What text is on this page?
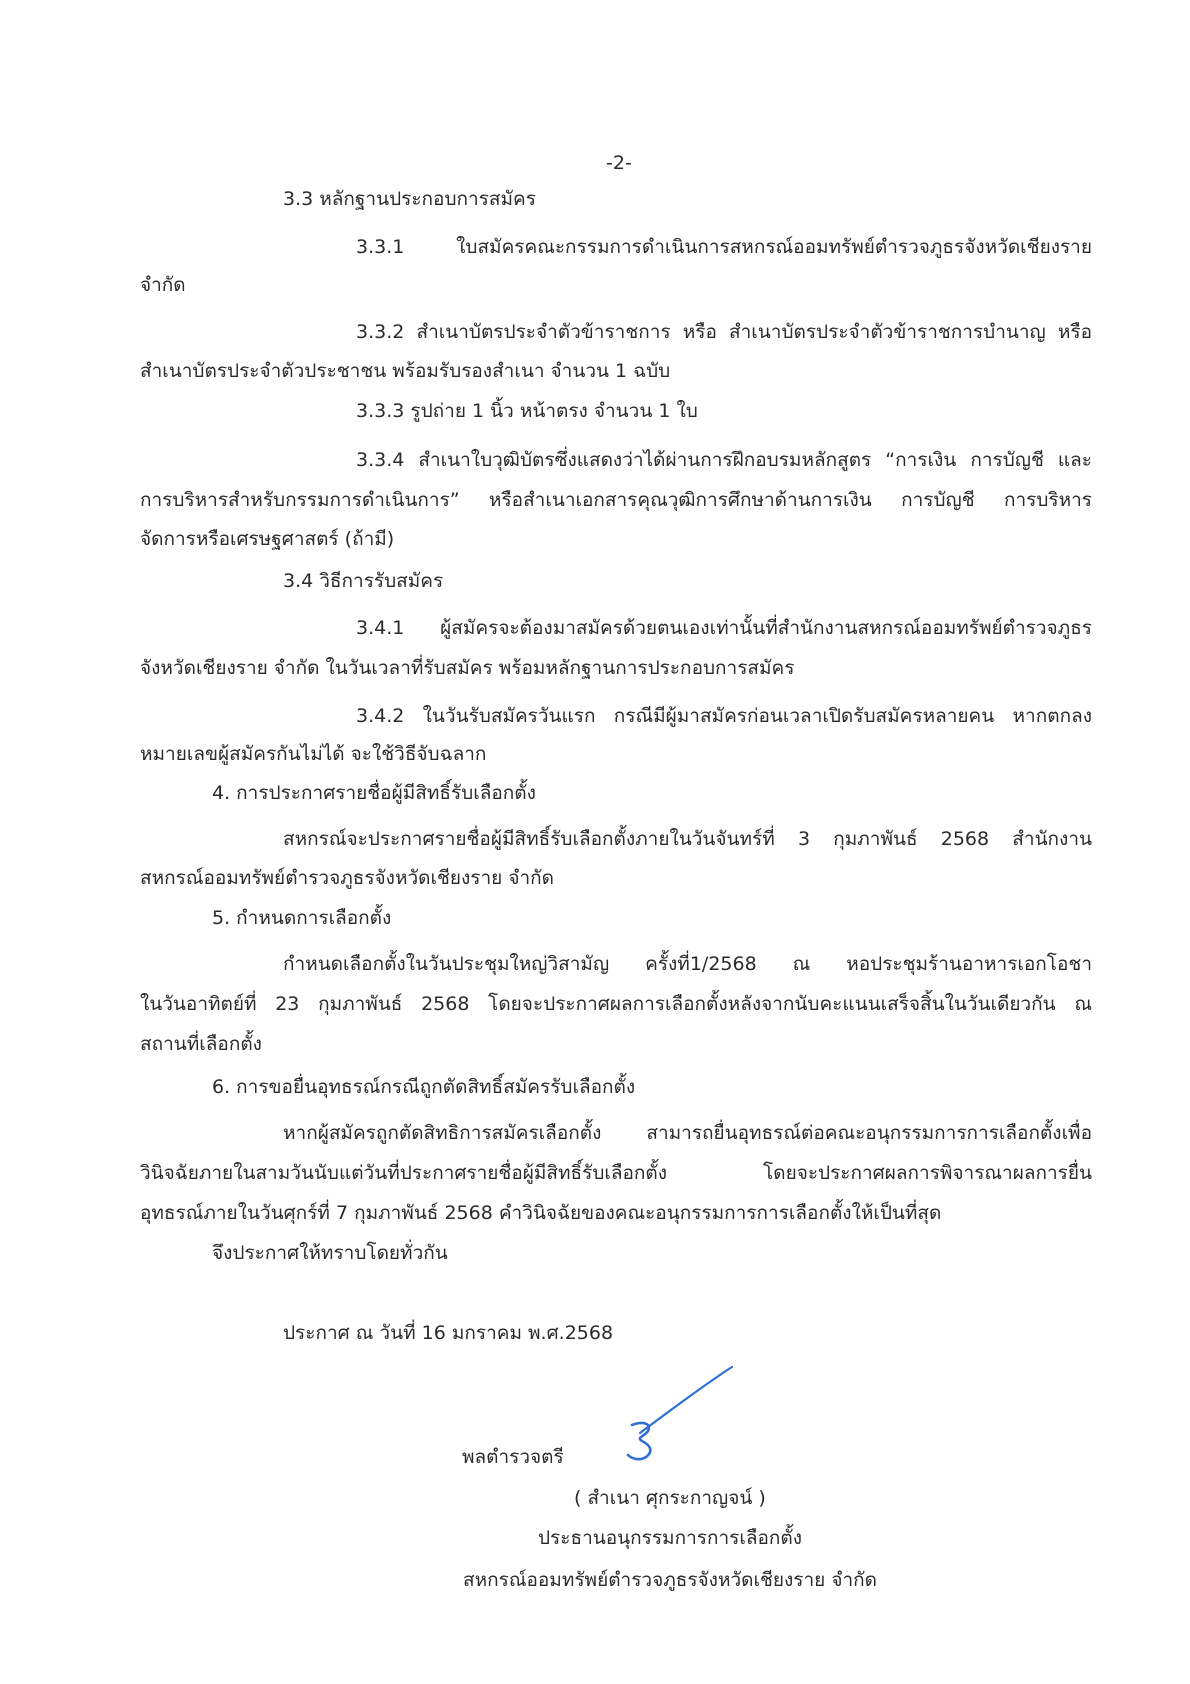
-2-

3.3 หลักฐานประกอบการสมัคร

3.3.1 ใบสมัครคณะกรรมการดำเนินการสหกรณ์ออมทรัพย์ตำรวจภูธรจังหวัดเชียงราย

จำกัด

3.3.2 สำเนาบัตรประจำตัวข้าราชการ หรือ สำเนาบัตรประจำตัวข้าราชการบำนาญ หรือ

สำเนาบัตรประจำตัวประชาชน พร้อมรับรองสำเนา จำนวน 1 ฉบับ

3.3.3 รูปถ่าย 1 นิ้ว หน้าตรง จำนวน 1 ใบ

3.3.4 สำเนาใบวุฒิบัตรซึ่งแสดงว่าได้ผ่านการฝึกอบรมหลักสูตร “การเงิน การบัญชี และ

การบริหารสำหรับกรรมการดำเนินการ” หรือสำเนาเอกสารคุณวุฒิการศึกษาด้านการเงิน การบัญชี การบริหาร

จัดการหรือเศรษฐศาสตร์ (ถ้ามี)

3.4 วิธีการรับสมัคร

3.4.1 ผู้สมัครจะต้องมาสมัครด้วยตนเองเท่านั้นที่สำนักงานสหกรณ์ออมทรัพย์ตำรวจภูธร

จังหวัดเชียงราย จำกัด ในวันเวลาที่รับสมัคร พร้อมหลักฐานการประกอบการสมัคร

3.4.2 ในวันรับสมัครวันแรก กรณีมีผู้มาสมัครก่อนเวลาเปิดรับสมัครหลายคน หากตกลง

หมายเลขผู้สมัครกันไม่ได้ จะใช้วิธีจับฉลาก

4. การประกาศรายชื่อผู้มีสิทธิ์รับเลือกตั้ง

สหกรณ์จะประกาศรายชื่อผู้มีสิทธิ์รับเลือกตั้งภายในวันจันทร์ที่ 3 กุมภาพันธ์ 2568 สำนักงาน

สหกรณ์ออมทรัพย์ตำรวจภูธรจังหวัดเชียงราย จำกัด

5. กำหนดการเลือกตั้ง

กำหนดเลือกตั้งในวันประชุมใหญ่วิสามัญ ครั้งที่1/2568 ณ หอประชุมร้านอาหารเอกโอชา

ในวันอาทิตย์ที่ 23 กุมภาพันธ์ 2568 โดยจะประกาศผลการเลือกตั้งหลังจากนับคะแนนเสร็จสิ้นในวันเดียวกัน ณ

สถานที่เลือกตั้ง

6. การขอยื่นอุทธรณ์กรณีถูกตัดสิทธิ์สมัครรับเลือกตั้ง

หากผู้สมัครถูกตัดสิทธิการสมัครเลือกตั้ง สามารถยื่นอุทธรณ์ต่อคณะอนุกรรมการการเลือกตั้งเพื่อ

วินิจฉัยภายในสามวันนับแต่วันที่ประกาศรายชื่อผู้มีสิทธิ์รับเลือกตั้ง โดยจะประกาศผลการพิจารณาผลการยื่น

อุทธรณ์ภายในวันศุกร์ที่ 7 กุมภาพันธ์ 2568 คำวินิจฉัยของคณะอนุกรรมการการเลือกตั้งให้เป็นที่สุด

จึงประกาศให้ทราบโดยทั่วกัน

ประกาศ ณ วันที่ 16 มกราคม พ.ศ.2568

พลตำรวจตรี

( สำเนา ศุกระกาญจน์ )

ประธานอนุกรรมการการเลือกตั้ง

สหกรณ์ออมทรัพย์ตำรวจภูธรจังหวัดเชียงราย จำกัด
